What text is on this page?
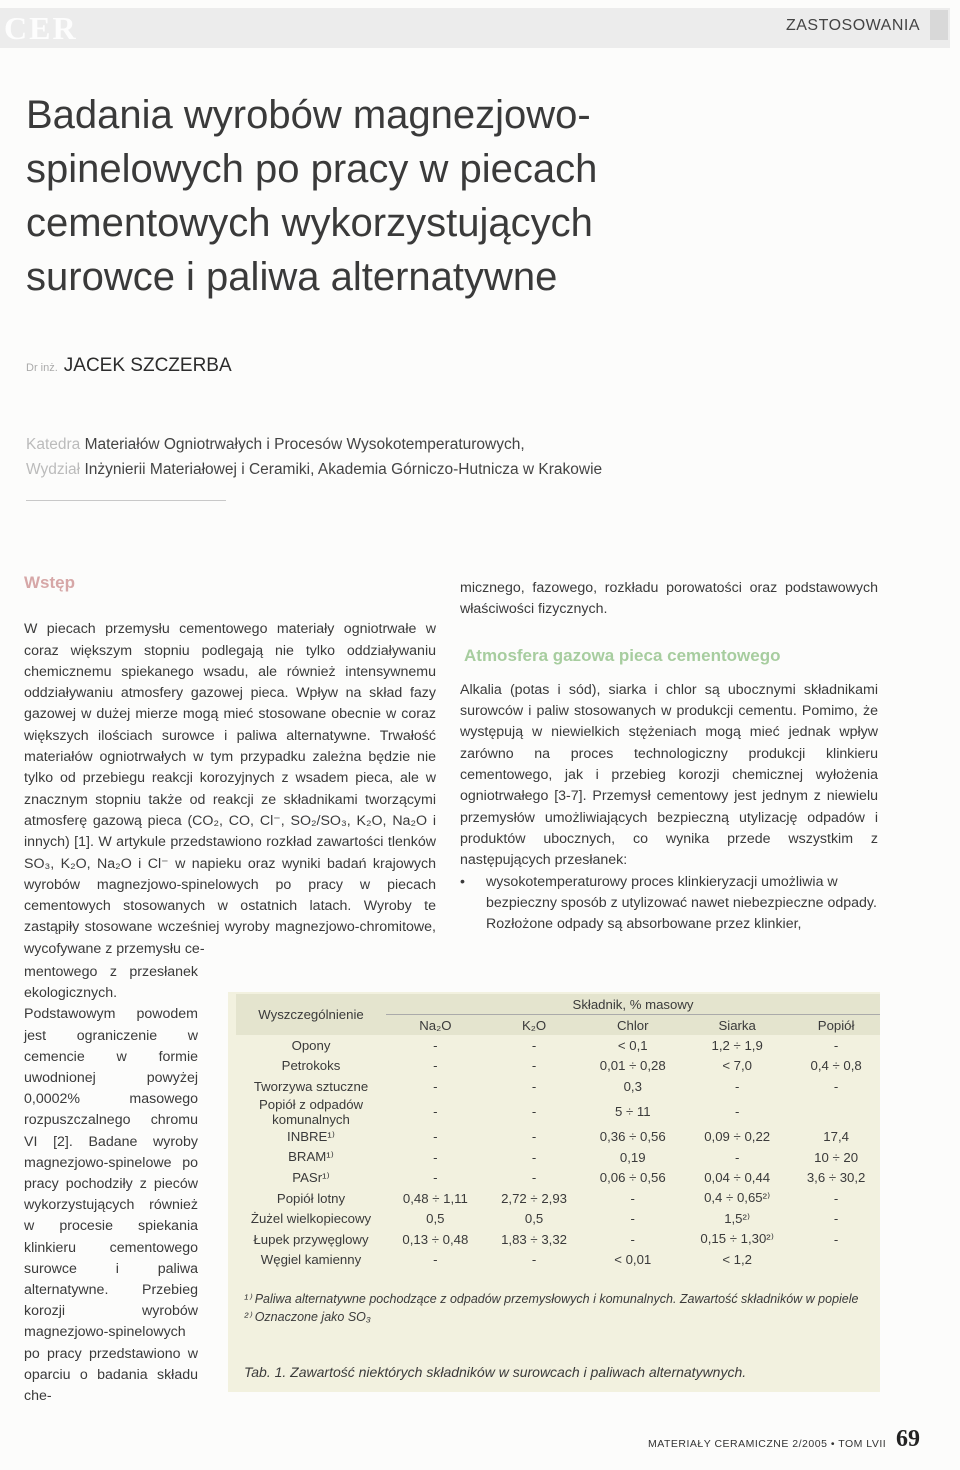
CER	ZASTOSOWANIA
Badania wyrobów magnezjowo-
spinelowych po pracy w piecach
cementowych wykorzystujących
surowce i paliwa alternatywne
Dr inż. JACEK SZCZERBA
Katedra Materiałów Ogniotrwałych i Procesów Wysokotemperaturowych,
Wydział Inżynierii Materiałowej i Ceramiki, Akademia Górniczo-Hutnicza w Krakowie
Wstęp

W piecach przemysłu cementowego materiały ogniotrwałe w coraz większym stopniu podlegają nie tylko oddziaływaniu chemicznemu spiekanego wsadu, ale również intensywnemu oddziaływaniu atmosfery gazowej pieca. Wpływ na skład fazy gazowej w dużej mierze mogą mieć stosowane obecnie w coraz większych ilościach surowce i paliwa alternatywne. Trwałość materiałów ogniotrwałych w tym przypadku zależna będzie nie tylko od przebiegu reakcji korozyjnych z wsadem pieca, ale w znacznym stopniu także od reakcji ze składnikami tworzącymi atmosferę gazową pieca (CO₂, CO, Cl⁻, SO₂/SO₃, K₂O, Na₂O i innych) [1]. W artykule przedstawiono rozkład zawartości tlenków SO₃, K₂O, Na₂O i Cl⁻ w napieku oraz wyniki badań krajowych wyrobów magnezjowo-spinelowych po pracy w piecach cementowych stosowanych w ostatnich latach. Wyroby te zastąpiły stosowane wcześniej wyroby magnezjowo-chromitowe, wycofywane z przemysłu ce-

mentowego z przesłanek ekologicznych. Podstawowym powodem jest ograniczenie w cemencie w formie uwodnionej powyżej 0,0002% masowego rozpuszczalnego chromu VI [2]. Badane wyroby magnezjowo-spinelowe po pracy pochodziły z pieców wykorzystujących również w procesie spiekania klinkieru cementowego surowce i paliwa alternatywne. Przebieg korozji wyrobów magnezjowo-spinelowych po pracy przedstawiono w oparciu o badania składu che-

micznego, fazowego, rozkładu porowatości oraz podstawowych właściwości fizycznych.

Atmosfera gazowa pieca cementowego

Alkalia (potas i sód), siarka i chlor są ubocznymi składnikami surowców i paliw stosowanych w produkcji cementu. Pomimo, że występują w niewielkich stężeniach mogą mieć jednak wpływ zarówno na proces technologiczny produkcji klinkieru cementowego, jak i przebieg korozji chemicznej wyłożenia ogniotrwałego [3-7]. Przemysł cementowy jest jednym z niewielu przemysłów umożliwiających bezpieczną utylizację odpadów i produktów ubocznych, co wynika przede wszystkim z następujących przesłanek:

•	wysokotemperaturowy proces klinkieryzacji umożliwia w bezpieczny sposób z utylizować nawet niebezpieczne odpady. Rozłożone odpady są absorbowane przez klinkier,
Wyszczególnienie	Składnik, % masowy				
	Na₂O	K₂O	Chlor	Siarka	Popiół
Opony	-	-	< 0,1	1,2 ÷ 1,9	-
Petrokoks	-	-	0,01 ÷ 0,28	< 7,0	0,4 ÷ 0,8
Tworzywa sztuczne	-	-	0,3	-	-
Popiół z odpadów komunalnych	-	-	5 ÷ 11	-	
INBRE¹⁾	-	-	0,36 ÷ 0,56	0,09 ÷ 0,22	17,4
BRAM¹⁾	-	-	0,19	-	10 ÷ 20
PASr¹⁾	-	-	0,06 ÷ 0,56	0,04 ÷ 0,44	3,6 ÷ 30,2
Popiół lotny	0,48 ÷ 1,11	2,72 ÷ 2,93	-	0,4 ÷ 0,65²⁾	-
Żużel wielkopiecowy	0,5	0,5	-	1,5²⁾	-
Łupek przywęglowy	0,13 ÷ 0,48	1,83 ÷ 3,32	-	0,15 ÷ 1,30²⁾	-
Węgiel kamienny	-	-	< 0,01	< 1,2	
¹⁾ Paliwa alternatywne pochodzące z odpadów przemysłowych i komunalnych. Zawartość składników w popiele
²⁾ Oznaczone jako SO₃
Tab. 1. Zawartość niektórych składników w surowcach i paliwach alternatywnych.
MATERIAŁY CERAMICZNE 2/2005 • TOM LVII 69
